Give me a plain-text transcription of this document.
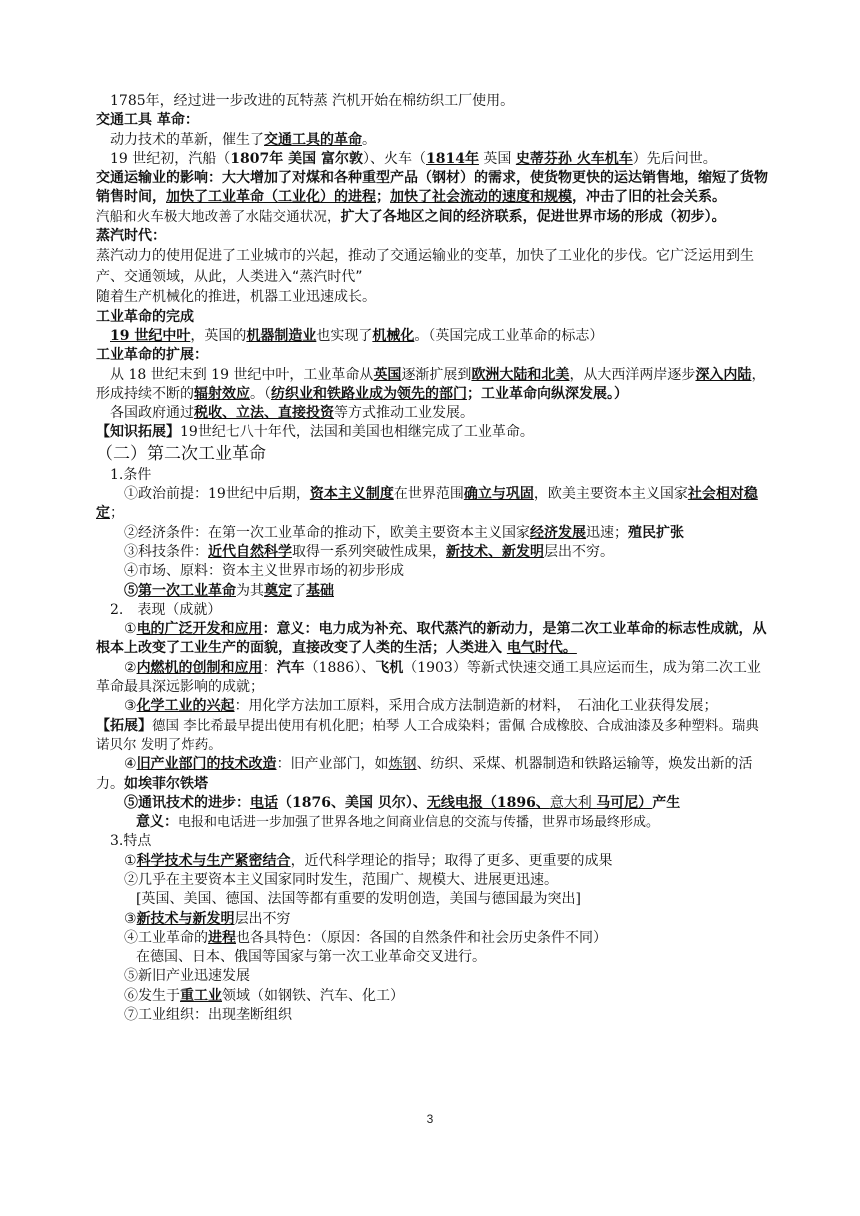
1785年，经过进一步改进的瓦特蒸 汽机开始在棉纺织工厂使用。
交通工具 革命：
动力技术的革新，催生了交通工具的革命。
19 世纪初，汽船（1807年 美国 富尔敦）、火车（1814年 英国 史蒂芬孙 火车机车）先后问世。
交通运输业的影响：大大增加了对煤和各种重型产品（钢材）的需求，使货物更快的运达销售地，缩短了货物销售时间，加快了工业革命（工业化）的进程；加快了社会流动的速度和规模，冲击了旧的社会关系。
汽船和火车极大地改善了水陆交通状况，扩大了各地区之间的经济联系，促进世界市场的形成（初步）。
蒸汽时代：
蒸汽动力的使用促进了工业城市的兴起，推动了交通运输业的变革，加快了工业化的步伐。它广泛运用到生产、交通领域，从此，人类进入“蒸汽时代”
随着生产机械化的推进，机器工业迅速成长。
工业革命的完成
19 世纪中叶，英国的机器制造业也实现了机械化。（英国完成工业革命的标志）
工业革命的扩展：
从 18 世纪末到 19 世纪中叶，工业革命从英国逐渐扩展到欧洲大陆和北美，从大西洋两岸逐步深入内陆，形成持续不断的辐射效应。（纺织业和铁路业成为领先的部门；工业革命向纵深发展。）
各国政府通过税收、立法、直接投资等方式推动工业发展。
【知识拓展】19世纪七八十年代，法国和美国也相继完成了工业革命。
（二）第二次工业革命
1.条件
①政治前提：19世纪中后期，资本主义制度在世界范围确立与巩固，欧美主要资本主义国家社会相对稳定；
②经济条件：在第一次工业革命的推动下，欧美主要资本主义国家经济发展迅速；殖民扩张
③科技条件：近代自然科学取得一系列突破性成果，新技术、新发明层出不穷。
④市场、原料：资本主义世界市场的初步形成
⑤第一次工业革命为其奠定了基础
2.　表现（成就）
①电的广泛开发和应用：意义：电力成为补充、取代蒸汽的新动力，是第二次工业革命的标志性成就，从根本上改变了工业生产的面貌，直接改变了人类的生活；人类进入 电气时代。
②内燃机的创制和应用：汽车（1886）、飞机（1903）等新式快速交通工具应运而生，成为第二次工业革命最具深远影响的成就；
③化学工业的兴起：用化学方法加工原料，采用合成方法制造新的材料，　石油化工业获得发展；
【拓展】德国 李比希最早提出使用有机化肥；柏琴 人工合成染料；雷佩 合成橡胶、合成油漆及多种塑料。瑞典 诺贝尔 发明了炸药。
④旧产业部门的技术改造：旧产业部门，如炼钢、纺织、采煤、机器制造和铁路运输等，焕发出新的活力。如埃菲尔铁塔
⑤通讯技术的进步：电话（1876、美国 贝尔）、无线电报（1896、意大利 马可尼）产生
意义：电报和电话进一步加强了世界各地之间商业信息的交流与传播，世界市场最终形成。
3.特点
①科学技术与生产紧密结合，近代科学理论的指导；取得了更多、更重要的成果
②几乎在主要资本主义国家同时发生，范围广、规模大、进展更迅速。
[英国、美国、德国、法国等都有重要的发明创造，美国与德国最为突出]
③新技术与新发明层出不穷
④工业革命的进程也各具特色：（原因：各国的自然条件和社会历史条件不同）
在德国、日本、俄国等国家与第一次工业革命交叉进行。
⑤新旧产业迅速发展
⑥发生于重工业领域（如钢铁、汽车、化工）
⑦工业组织：出现垄断组织
3
